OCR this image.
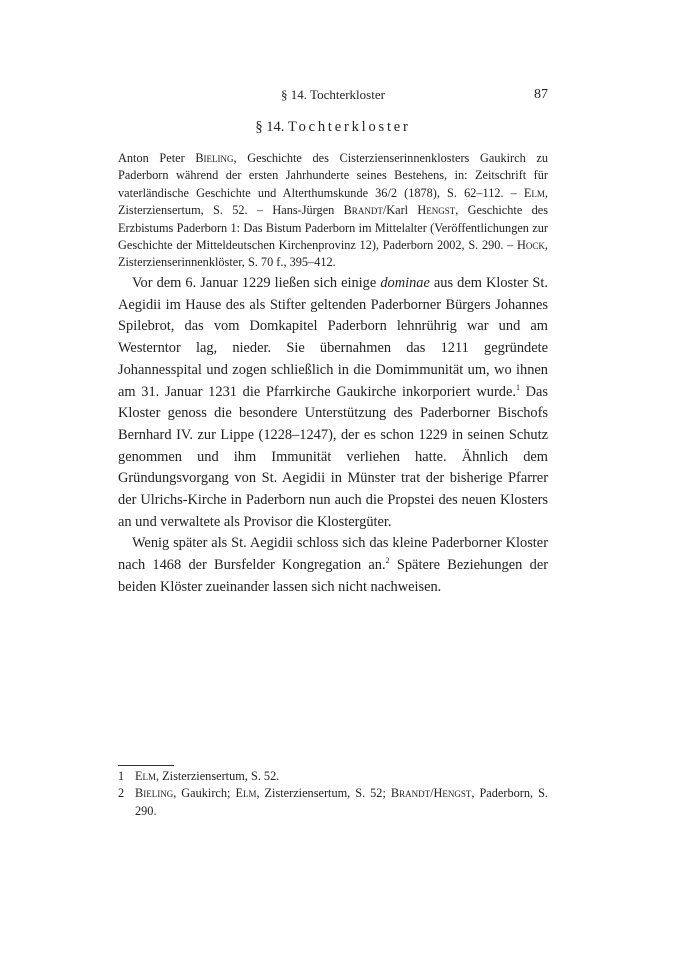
§ 14. Tochterkloster	87
§ 14. Tochterkloster

Anton Peter Bieling, Geschichte des Cisterzienserinnenklosters Gaukirch zu Paderborn während der ersten Jahrhunderte seines Bestehens, in: Zeitschrift für vaterländische Geschichte und Alterthumskunde 36/2 (1878), S. 62–112. – Elm, Zisterziensertum, S. 52. – Hans-Jürgen Brandt/Karl Hengst, Geschichte des Erzbistums Paderborn 1: Das Bistum Paderborn im Mittelalter (Veröffentlichungen zur Geschichte der Mitteldeutschen Kirchenprovinz 12), Paderborn 2002, S. 290. – Hock, Zisterzienserinnenklöster, S. 70 f., 395–412.

Vor dem 6. Januar 1229 ließen sich einige dominae aus dem Kloster St. Aegidii im Hause des als Stifter geltenden Paderborner Bürgers Johannes Spilebrot, das vom Domkapitel Paderborn lehnrührig war und am Westerntor lag, nieder. Sie übernahmen das 1211 gegründete Johannesspital und zogen schließlich in die Domimmunität um, wo ihnen am 31. Januar 1231 die Pfarrkirche Gaukirche inkorporiert wurde.$^1$ Das Kloster genoss die besondere Unterstützung des Paderborner Bischofs Bernhard IV. zur Lippe (1228–1247), der es schon 1229 in seinen Schutz genommen und ihm Immunität verliehen hatte. Ähnlich dem Gründungsvorgang von St. Aegidii in Münster trat der bisherige Pfarrer der Ulrichs-Kirche in Paderborn nun auch die Propstei des neuen Klosters an und verwaltete als Provisor die Klostergüter.

Wenig später als St. Aegidii schloss sich das kleine Paderborner Kloster nach 1468 der Bursfelder Kongregation an.$^2$ Spätere Beziehungen der beiden Klöster zueinander lassen sich nicht nachweisen.

1 Elm, Zisterziensertum, S. 52.
2 Bieling, Gaukirch; Elm, Zisterziensertum, S. 52; Brandt/Hengst, Paderborn, S. 290.
